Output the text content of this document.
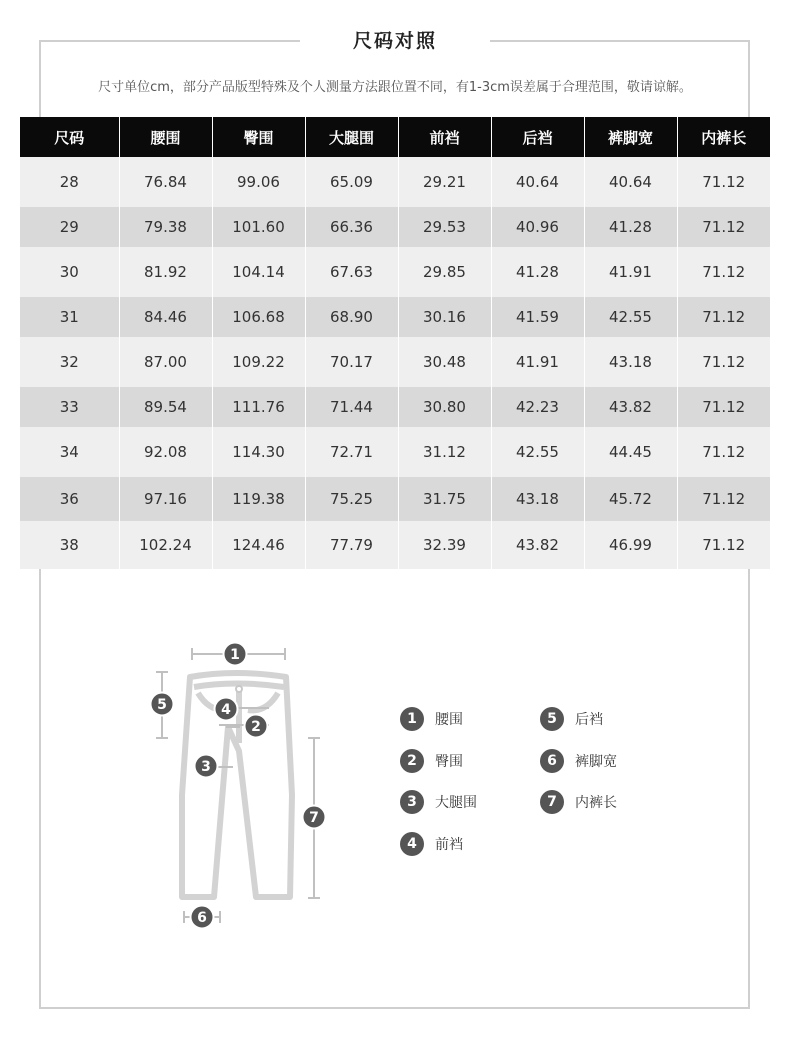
尺码对照
尺寸单位cm，部分产品版型特殊及个人测量方法跟位置不同，有1-3cm误差属于合理范围，敬请谅解。
尺码	腰围	臀围	大腿围	前裆	后裆	裤脚宽	内裤长
28	76.84	99.06	65.09	29.21	40.64	40.64	71.12
29	79.38	101.60	66.36	29.53	40.96	41.28	71.12
30	81.92	104.14	67.63	29.85	41.28	41.91	71.12
31	84.46	106.68	68.90	30.16	41.59	42.55	71.12
32	87.00	109.22	70.17	30.48	41.91	43.18	71.12
33	89.54	111.76	71.44	30.80	42.23	43.82	71.12
34	92.08	114.30	72.71	31.12	42.55	44.45	71.12
36	97.16	119.38	75.25	31.75	43.18	45.72	71.12
38	102.24	124.46	77.79	32.39	43.82	46.99	71.12
1
2
3
4
5
6
7
1	腰围
2	臀围
3	大腿围
4	前裆
5	后裆
6	裤脚宽
7	内裤长
